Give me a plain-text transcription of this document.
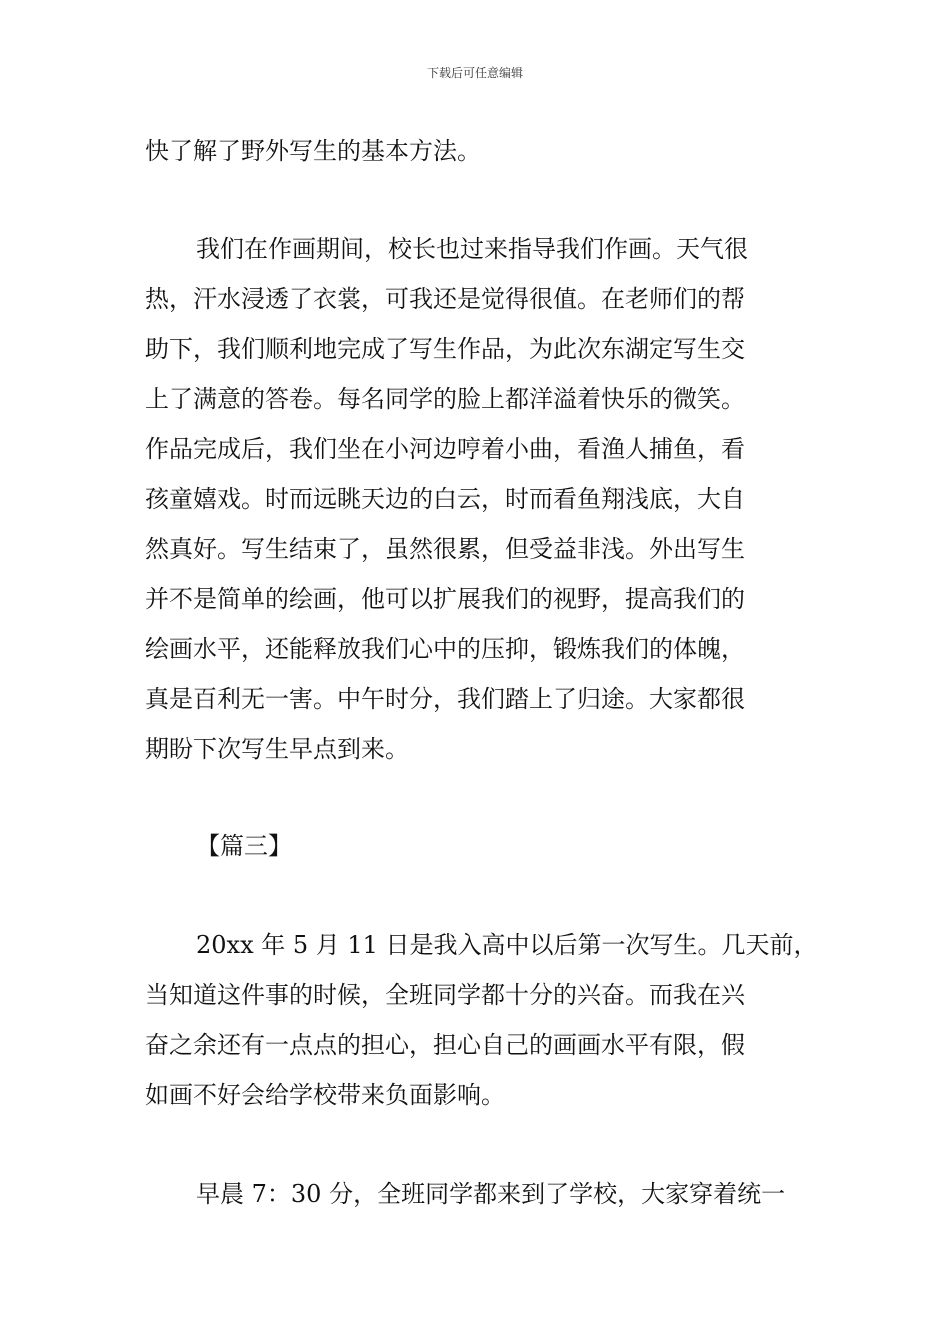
下载后可任意编辑
快了解了野外写生的基本方法。
我们在作画期间，校长也过来指导我们作画。天气很
热，汗水浸透了衣裳，可我还是觉得很值。在老师们的帮
助下，我们顺利地完成了写生作品，为此次东湖定写生交
上了满意的答卷。每名同学的脸上都洋溢着快乐的微笑。
作品完成后，我们坐在小河边哼着小曲，看渔人捕鱼，看
孩童嬉戏。时而远眺天边的白云，时而看鱼翔浅底，大自
然真好。写生结束了，虽然很累，但受益非浅。外出写生
并不是简单的绘画，他可以扩展我们的视野，提高我们的
绘画水平，还能释放我们心中的压抑，锻炼我们的体魄，
真是百利无一害。中午时分，我们踏上了归途。大家都很
期盼下次写生早点到来。
【篇三】
20xx 年 5 月 11 日是我入高中以后第一次写生。几天前，
当知道这件事的时候，全班同学都十分的兴奋。而我在兴
奋之余还有一点点的担心，担心自己的画画水平有限，假
如画不好会给学校带来负面影响。
早晨 7：30 分，全班同学都来到了学校，大家穿着统一
